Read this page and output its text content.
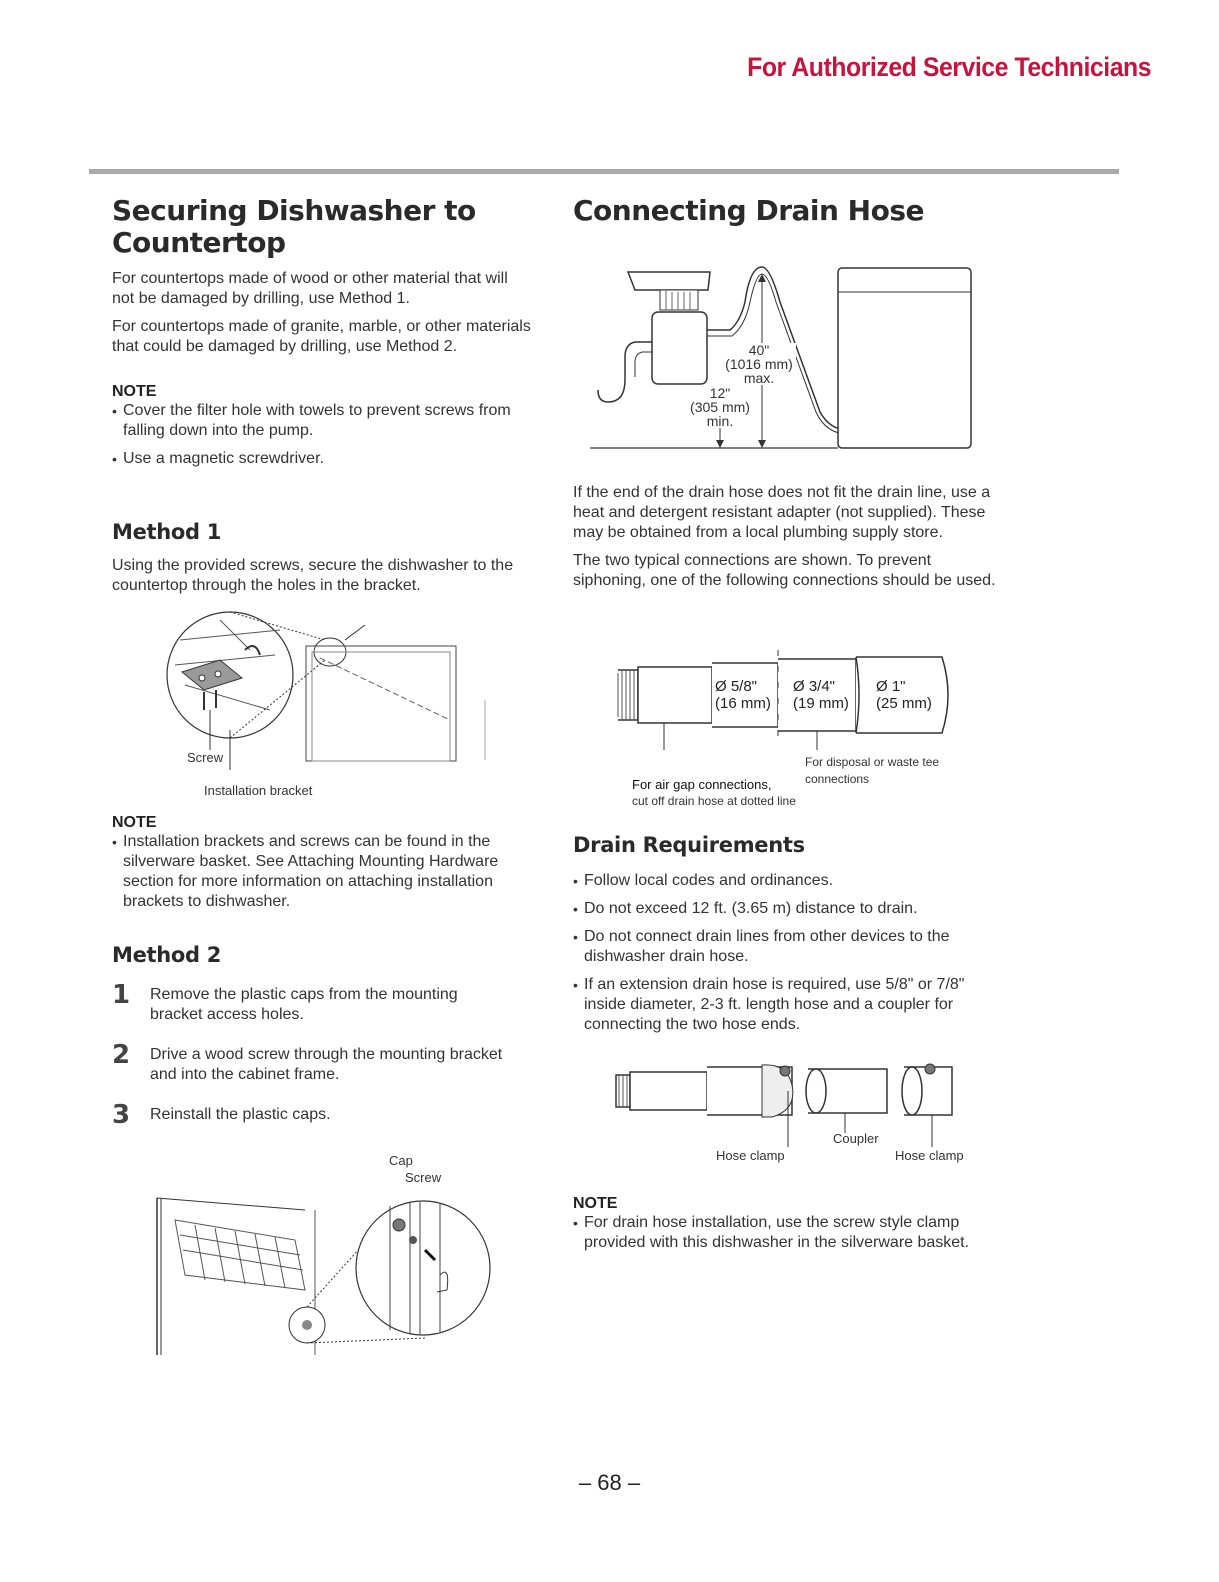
For Authorized Service Technicians
Securing Dishwasher to Countertop

For countertops made of wood or other material that will not be damaged by drilling, use Method 1.

For countertops made of granite, marble, or other materials that could be damaged by drilling, use Method 2.

NOTE
• Cover the filter hole with towels to prevent screws from falling down into the pump.
• Use a magnetic screwdriver.
Method 1

Using the provided screws, secure the dishwasher to the countertop through the holes in the bracket.

Screw
Installation bracket
NOTE
• Installation brackets and screws can be found in the silverware basket. See Attaching Mounting Hardware section for more information on attaching installation brackets to dishwasher.
Method 2
1	Remove the plastic caps from the mounting bracket access holes.
2	Drive a wood screw through the mounting bracket and into the cabinet frame.
3	Reinstall the plastic caps.
Cap
Screw
Connecting Drain Hose
40"
(1016 mm)
max.
12"
(305 mm)
min.

If the end of the drain hose does not fit the drain line, use a heat and detergent resistant adapter (not supplied). These may be obtained from a local plumbing supply store.

The two typical connections are shown. To prevent siphoning, one of the following connections should be used.

Ø 5/8"
(16 mm)
Ø 3/4"
(19 mm)
Ø 1"
(25 mm)
For air gap connections,
cut off drain hose at dotted line
For disposal or waste tee connections
Drain Requirements
• Follow local codes and ordinances.
• Do not exceed 12 ft. (3.65 m) distance to drain.
• Do not connect drain lines from other devices to the dishwasher drain hose.
• If an extension drain hose is required, use 5/8" or 7/8" inside diameter, 2-3 ft. length hose and a coupler for connecting the two hose ends.
Hose clamp
Coupler
Hose clamp
NOTE
• For drain hose installation, use the screw style clamp provided with this dishwasher in the silverware basket.
– 68 –
